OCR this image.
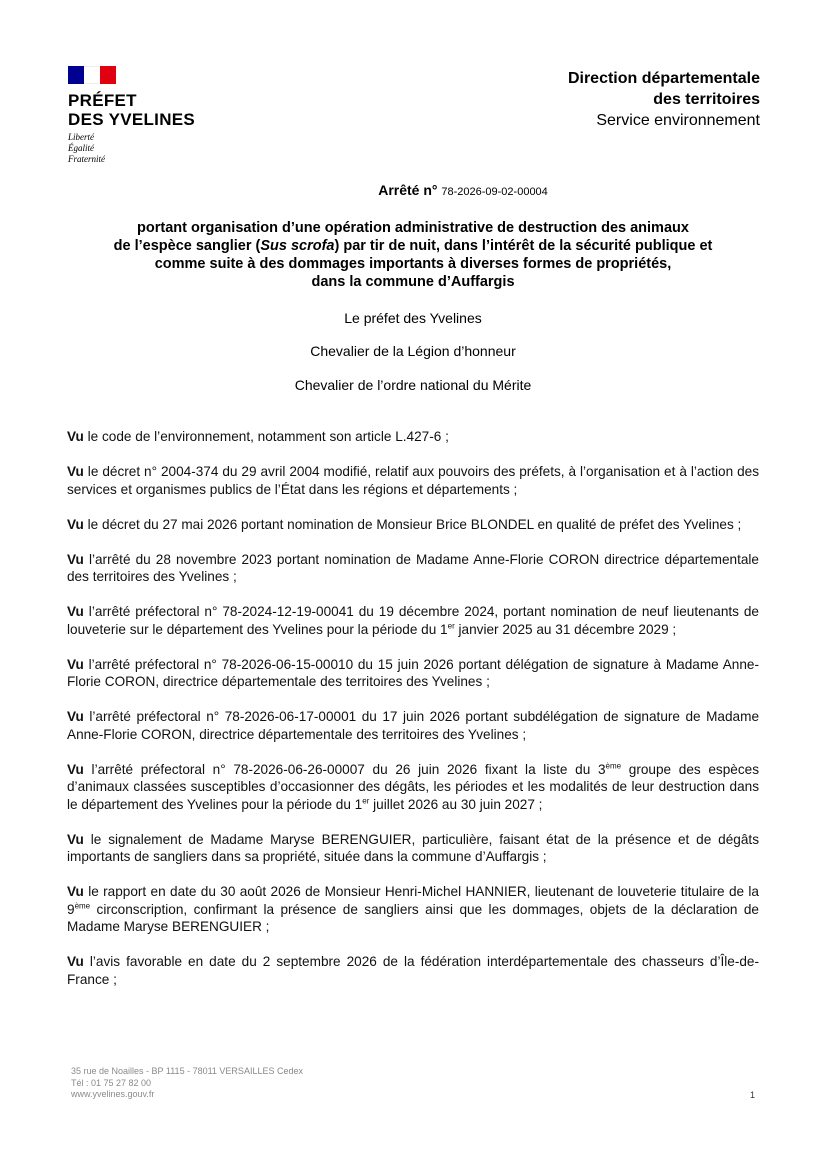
PRÉFET
DES YVELINES
Liberté
Égalité
Fraternité
Direction départementale
des territoires
Service environnement
Arrêté n° 78-2026-09-02-00004
portant organisation d’une opération administrative de destruction des animaux
de l’espèce sanglier (Sus scrofa) par tir de nuit, dans l’intérêt de la sécurité publique et
comme suite à des dommages importants à diverses formes de propriétés,
dans la commune d’Auffargis
Le préfet des Yvelines
Chevalier de la Légion d’honneur
Chevalier de l’ordre national du Mérite

Vu le code de l’environnement, notamment son article L.427-6 ;

Vu le décret n° 2004-374 du 29 avril 2004 modifié, relatif aux pouvoirs des préfets, à l’organisation et à l’action des services et organismes publics de l’État dans les régions et départements ;

Vu le décret du 27 mai 2026 portant nomination de Monsieur Brice BLONDEL en qualité de préfet des Yvelines ;

Vu l’arrêté du 28 novembre 2023 portant nomination de Madame Anne-Florie CORON directrice départementale des territoires des Yvelines ;

Vu l’arrêté préfectoral n° 78-2024-12-19-00041 du 19 décembre 2024, portant nomination de neuf lieutenants de louveterie sur le département des Yvelines pour la période du 1er janvier 2025 au 31 décembre 2029 ;

Vu l’arrêté préfectoral n° 78-2026-06-15-00010 du 15 juin 2026 portant délégation de signature à Madame Anne-Florie CORON, directrice départementale des territoires des Yvelines ;

Vu l’arrêté préfectoral n° 78-2026-06-17-00001 du 17 juin 2026 portant subdélégation de signature de Madame Anne-Florie CORON, directrice départementale des territoires des Yvelines ;

Vu l’arrêté préfectoral n° 78-2026-06-26-00007 du 26 juin 2026 fixant la liste du 3ème groupe des espèces d’animaux classées susceptibles d’occasionner des dégâts, les périodes et les modalités de leur destruction dans le département des Yvelines pour la période du 1er juillet 2026 au 30 juin 2027 ;

Vu le signalement de Madame Maryse BERENGUIER, particulière, faisant état de la présence et de dégâts importants de sangliers dans sa propriété, située dans la commune d’Auffargis ;

Vu le rapport en date du 30 août 2026 de Monsieur Henri-Michel HANNIER, lieutenant de louveterie titulaire de la 9ème circonscription, confirmant la présence de sangliers ainsi que les dommages, objets de la déclaration de Madame Maryse BERENGUIER ;

Vu l’avis favorable en date du 2 septembre 2026 de la fédération interdépartementale des chasseurs d’Île-de-France ;

35 rue de Noailles - BP 1115 - 78011 VERSAILLES Cedex
Tél : 01 75 27 82 00
www.yvelines.gouv.fr	1
